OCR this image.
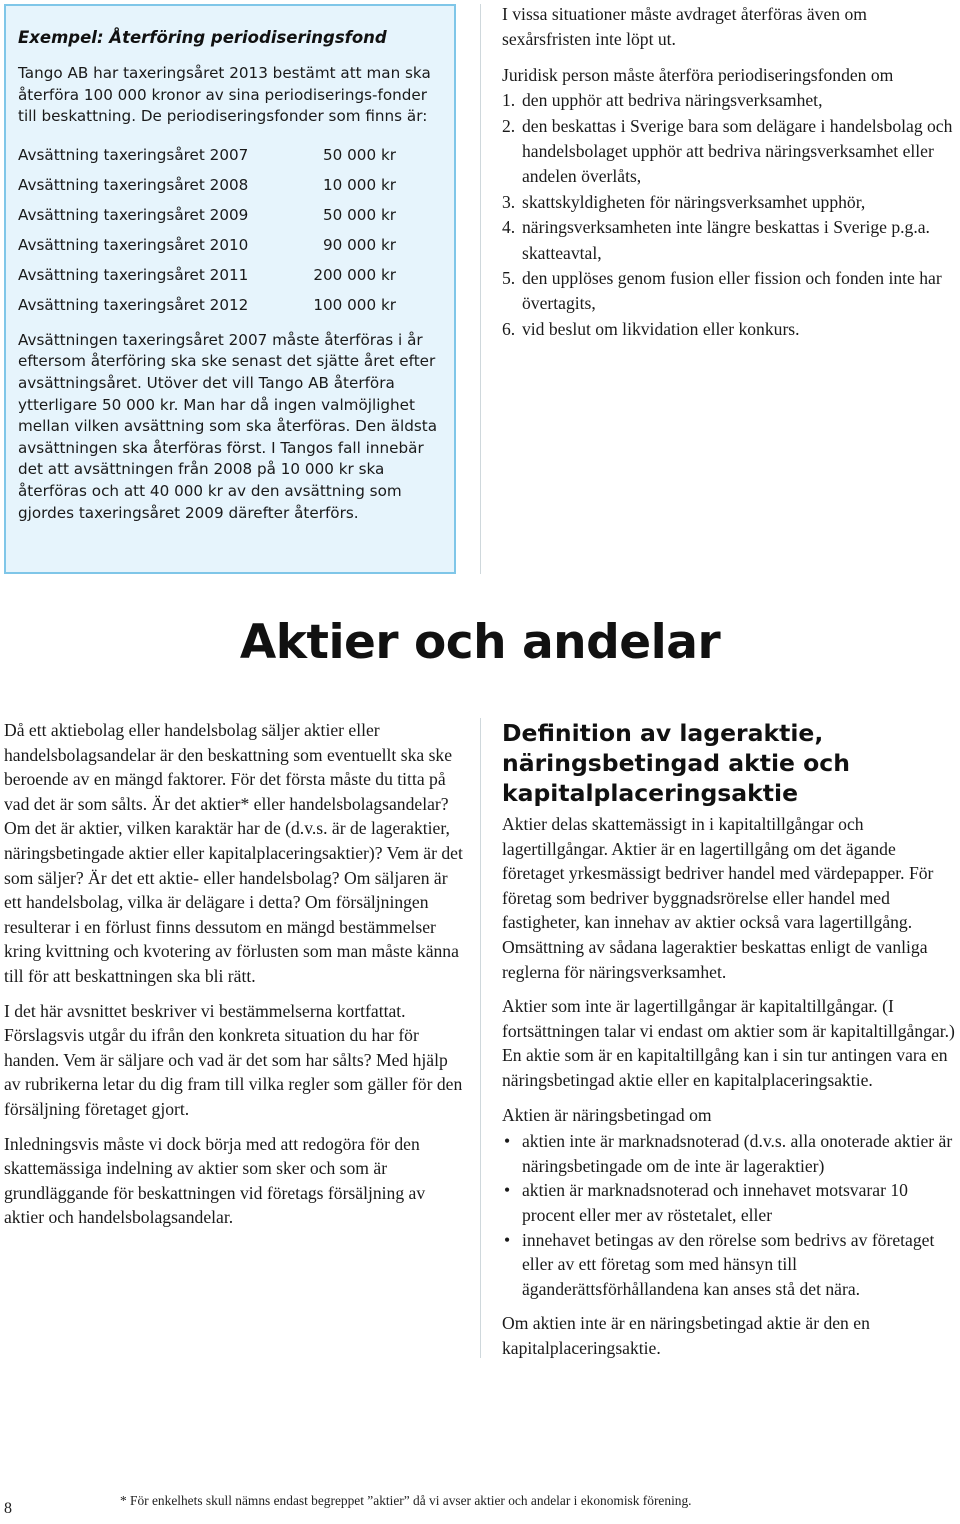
Exempel: Återföring periodiseringsfond

Tango AB har taxeringsåret 2013 bestämt att man ska återföra 100 000 kronor av sina periodiserings-fonder till beskattning. De periodiseringsfonder som finns är:

Avsättning taxeringsåret 2007	50 000 kr
Avsättning taxeringsåret 2008	10 000 kr
Avsättning taxeringsåret 2009	50 000 kr
Avsättning taxeringsåret 2010	90 000 kr
Avsättning taxeringsåret 2011	200 000 kr
Avsättning taxeringsåret 2012	100 000 kr

Avsättningen taxeringsåret 2007 måste återföras i år eftersom återföring ska ske senast det sjätte året efter avsättningsåret. Utöver det vill Tango AB återföra ytterligare 50 000 kr. Man har då ingen valmöjlighet mellan vilken avsättning som ska återföras. Den äldsta avsättningen ska återföras först. I Tangos fall innebär det att avsättningen från 2008 på 10 000 kr ska återföras och att 40 000 kr av den avsättning som gjordes taxeringsåret 2009 därefter återförs.

I vissa situationer måste avdraget återföras även om sexårsfristen inte löpt ut.

Juridisk person måste återföra periodiseringsfonden om

1. den upphör att bedriva näringsverksamhet,
2. den beskattas i Sverige bara som delägare i handelsbolag och handelsbolaget upphör att bedriva näringsverksamhet eller andelen överlåts,
3. skattskyldigheten för näringsverksamhet upphör,
4. näringsverksamheten inte längre beskattas i Sverige p.g.a. skatteavtal,
5. den upplöses genom fusion eller fission och fonden inte har övertagits,
6. vid beslut om likvidation eller konkurs.
Aktier och andelar

Då ett aktiebolag eller handelsbolag säljer aktier eller handelsbolagsandelar är den beskattning som eventuellt ska ske beroende av en mängd faktorer. För det första måste du titta på vad det är som sålts. Är det aktier* eller handelsbolagsandelar? Om det är aktier, vilken karaktär har de (d.v.s. är de lageraktier, näringsbetingade aktier eller kapitalplaceringsaktier)? Vem är det som säljer? Är det ett aktie- eller handelsbolag? Om säljaren är ett handelsbolag, vilka är delägare i detta? Om försäljningen resulterar i en förlust finns dessutom en mängd bestämmelser kring kvittning och kvotering av förlusten som man måste känna till för att beskattningen ska bli rätt.

I det här avsnittet beskriver vi bestämmelserna kortfattat. Förslagsvis utgår du ifrån den konkreta situation du har för handen. Vem är säljare och vad är det som har sålts? Med hjälp av rubrikerna letar du dig fram till vilka regler som gäller för den försäljning företaget gjort.

Inledningsvis måste vi dock börja med att redogöra för den skattemässiga indelning av aktier som sker och som är grundläggande för beskattningen vid företags försäljning av aktier och handelsbolagsandelar.

Definition av lageraktie, näringsbetingad aktie och kapitalplaceringsaktie

Aktier delas skattemässigt in i kapitaltillgångar och lagertillgångar. Aktier är en lagertillgång om det ägande företaget yrkesmässigt bedriver handel med värdepapper. För företag som bedriver byggnadsrörelse eller handel med fastigheter, kan innehav av aktier också vara lagertillgång. Omsättning av sådana lageraktier beskattas enligt de vanliga reglerna för näringsverksamhet.

Aktier som inte är lagertillgångar är kapitaltillgångar. (I fortsättningen talar vi endast om aktier som är kapitaltillgångar.) En aktie som är en kapitaltillgång kan i sin tur antingen vara en näringsbetingad aktie eller en kapitalplaceringsaktie.

Aktien är näringsbetingad om

• aktien inte är marknadsnoterad (d.v.s. alla onoterade aktier är näringsbetingade om de inte är lageraktier)
• aktien är marknadsnoterad och innehavet motsvarar 10 procent eller mer av röstetalet, eller
• innehavet betingas av den rörelse som bedrivs av företaget eller av ett företag som med hänsyn till äganderättsförhållandena kan anses stå det nära.

Om aktien inte är en näringsbetingad aktie är den en kapitalplaceringsaktie.

8	* För enkelhets skull nämns endast begreppet ”aktier” då vi avser aktier och andelar i ekonomisk förening.
